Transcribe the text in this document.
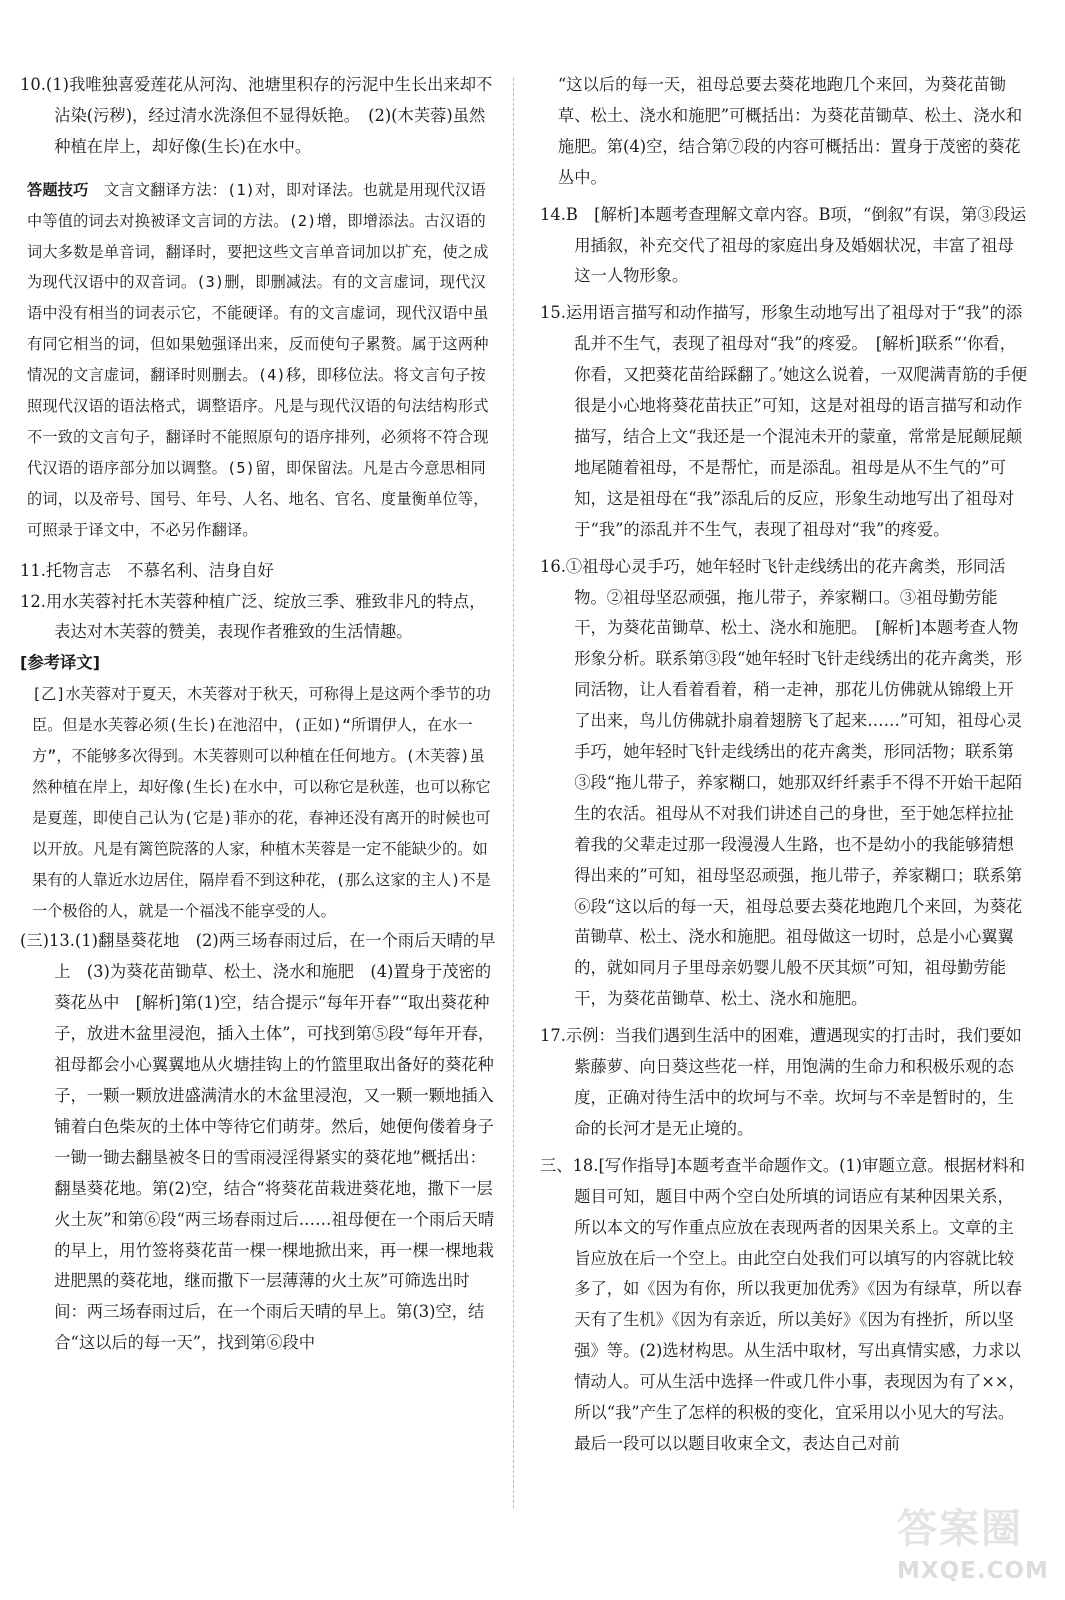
10.(1)我唯独喜爱莲花从河沟、池塘里积存的污泥中生长出来却不沾染(污秽)，经过清水洗涤但不显得妖艳。　(2)(木芙蓉)虽然种植在岸上，却好像(生长)在水中。

答题技巧　文言文翻译方法：(1)对，即对译法。也就是用现代汉语中等值的词去对换被译文言词的方法。(2)增，即增添法。古汉语的词大多数是单音词，翻译时，要把这些文言单音词加以扩充，使之成为现代汉语中的双音词。(3)删，即删减法。有的文言虚词，现代汉语中没有相当的词表示它，不能硬译。有的文言虚词，现代汉语中虽有同它相当的词，但如果勉强译出来，反而使句子累赘。属于这两种情况的文言虚词，翻译时则删去。(4)移，即移位法。将文言句子按照现代汉语的语法格式，调整语序。凡是与现代汉语的句法结构形式不一致的文言句子，翻译时不能照原句的语序排列，必须将不符合现代汉语的语序部分加以调整。(5)留，即保留法。凡是古今意思相同的词，以及帝号、国号、年号、人名、地名、官名、度量衡单位等，可照录于译文中，不必另作翻译。

11.托物言志　不慕名利、洁身自好

12.用水芙蓉衬托木芙蓉种植广泛、绽放三季、雅致非凡的特点，表达对木芙蓉的赞美，表现作者雅致的生活情趣。

[参考译文]

[乙]水芙蓉对于夏天，木芙蓉对于秋天，可称得上是这两个季节的功臣。但是水芙蓉必须(生长)在池沼中，(正如)“所谓伊人，在水一方”，不能够多次得到。木芙蓉则可以种植在任何地方。(木芙蓉)虽然种植在岸上，却好像(生长)在水中，可以称它是秋莲，也可以称它是夏莲，即使自己认为(它是)菲亦的花，春神还没有离开的时候也可以开放。凡是有篱笆院落的人家，种植木芙蓉是一定不能缺少的。如果有的人靠近水边居住，隔岸看不到这种花，(那么这家的主人)不是一个极俗的人，就是一个福浅不能享受的人。

(三)13.(1)翻垦葵花地　(2)两三场春雨过后，在一个雨后天晴的早上　(3)为葵花苗锄草、松土、浇水和施肥　(4)置身于茂密的葵花丛中　[解析]第(1)空，结合提示“每年开春”“取出葵花种子，放进木盆里浸泡，插入土体”，可找到第⑤段“每年开春，祖母都会小心翼翼地从火塘挂钩上的竹篮里取出备好的葵花种子，一颗一颗放进盛满清水的木盆里浸泡，又一颗一颗地插入铺着白色柴灰的土体中等待它们萌芽。然后，她便佝偻着身子一锄一锄去翻垦被冬日的雪雨浸淫得紧实的葵花地”概括出：翻垦葵花地。第(2)空，结合“将葵花苗栽进葵花地，撒下一层火土灰”和第⑥段“两三场春雨过后……祖母便在一个雨后天晴的早上，用竹签将葵花苗一棵一棵地掀出来，再一棵一棵地栽进肥黑的葵花地，继而撒下一层薄薄的火土灰”可筛选出时间：两三场春雨过后，在一个雨后天晴的早上。第(3)空，结合“这以后的每一天”，找到第⑥段中

“这以后的每一天，祖母总要去葵花地跑几个来回，为葵花苗锄草、松土、浇水和施肥”可概括出：为葵花苗锄草、松土、浇水和施肥。第(4)空，结合第⑦段的内容可概括出：置身于茂密的葵花丛中。

14.B　[解析]本题考查理解文章内容。B项，“倒叙”有误，第③段运用插叙，补充交代了祖母的家庭出身及婚姻状况，丰富了祖母这一人物形象。

15.运用语言描写和动作描写，形象生动地写出了祖母对于“我”的添乱并不生气，表现了祖母对“我”的疼爱。　[解析]联系“‘你看，你看，又把葵花苗给踩翻了。’她这么说着，一双爬满青筋的手便很是小心地将葵花苗扶正”可知，这是对祖母的语言描写和动作描写，结合上文“我还是一个混沌未开的蒙童，常常是屁颠屁颠地尾随着祖母，不是帮忙，而是添乱。祖母是从不生气的”可知，这是祖母在“我”添乱后的反应，形象生动地写出了祖母对于“我”的添乱并不生气，表现了祖母对“我”的疼爱。

16.①祖母心灵手巧，她年轻时飞针走线绣出的花卉禽类，形同活物。②祖母坚忍顽强，拖儿带子，养家糊口。③祖母勤劳能干，为葵花苗锄草、松土、浇水和施肥。　[解析]本题考查人物形象分析。联系第③段“她年轻时飞针走线绣出的花卉禽类，形同活物，让人看着看着，稍一走神，那花儿仿佛就从锦缎上开了出来，鸟儿仿佛就扑扇着翅膀飞了起来……”可知，祖母心灵手巧，她年轻时飞针走线绣出的花卉禽类，形同活物；联系第③段“拖儿带子，养家糊口，她那双纤纤素手不得不开始干起陌生的农活。祖母从不对我们讲述自己的身世，至于她怎样拉扯着我的父辈走过那一段漫漫人生路，也不是幼小的我能够猜想得出来的”可知，祖母坚忍顽强，拖儿带子，养家糊口；联系第⑥段“这以后的每一天，祖母总要去葵花地跑几个来回，为葵花苗锄草、松土、浇水和施肥。祖母做这一切时，总是小心翼翼的，就如同月子里母亲奶婴儿般不厌其烦”可知，祖母勤劳能干，为葵花苗锄草、松土、浇水和施肥。

17.示例：当我们遇到生活中的困难，遭遇现实的打击时，我们要如紫藤萝、向日葵这些花一样，用饱满的生命力和积极乐观的态度，正确对待生活中的坎坷与不幸。坎坷与不幸是暂时的，生命的长河才是无止境的。

三、18.[写作指导]本题考查半命题作文。(1)审题立意。根据材料和题目可知，题目中两个空白处所填的词语应有某种因果关系，所以本文的写作重点应放在表现两者的因果关系上。文章的主旨应放在后一个空上。由此空白处我们可以填写的内容就比较多了，如《因为有你，所以我更加优秀》《因为有绿草，所以春天有了生机》《因为有亲近，所以美好》《因为有挫折，所以坚强》等。(2)选材构思。从生活中取材，写出真情实感，力求以情动人。可从生活中选择一件或几件小事，表现因为有了××，所以“我”产生了怎样的积极的变化，宜采用以小见大的写法。最后一段可以以题目收束全文，表达自己对前

答案圈
MXQE.COM
